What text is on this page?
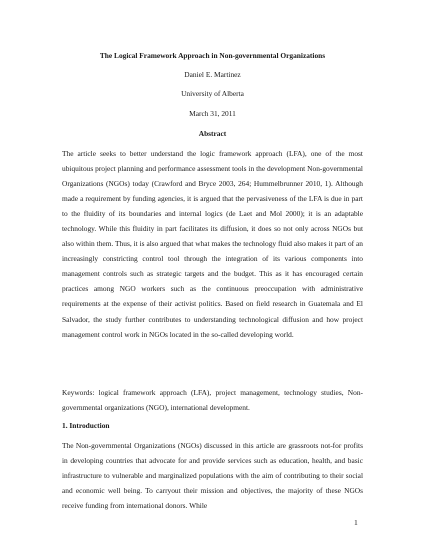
The Logical Framework Approach in Non-governmental Organizations
Daniel E. Martinez
University of Alberta
March 31, 2011
Abstract
The article seeks to better understand the logic framework approach (LFA), one of the most ubiquitous project planning and performance assessment tools in the development Non-governmental Organizations (NGOs) today (Crawford and Bryce 2003, 264; Hummelbrunner 2010, 1). Although made a requirement by funding agencies, it is argued that the pervasiveness of the LFA is due in part to the fluidity of its boundaries and internal logics (de Laet and Mol 2000); it is an adaptable technology. While this fluidity in part facilitates its diffusion, it does so not only across NGOs but also within them. Thus, it is also argued that what makes the technology fluid also makes it part of an increasingly constricting control tool through the integration of its various components into management controls such as strategic targets and the budget. This as it has encouraged certain practices among NGO workers such as the continuous preoccupation with administrative requirements at the expense of their activist politics. Based on field research in Guatemala and El Salvador, the study further contributes to understanding technological diffusion and how project management control work in NGOs located in the so-called developing world.
Keywords: logical framework approach (LFA), project management, technology studies, Non-governmental organizations (NGO), international development.
1. Introduction
The Non-governmental Organizations (NGOs) discussed in this article are grassroots not-for profits in developing countries that advocate for and provide services such as education, health, and basic infrastructure to vulnerable and marginalized populations with the aim of contributing to their social and economic well being. To carryout their mission and objectives, the majority of these NGOs receive funding from international donors. While
1
